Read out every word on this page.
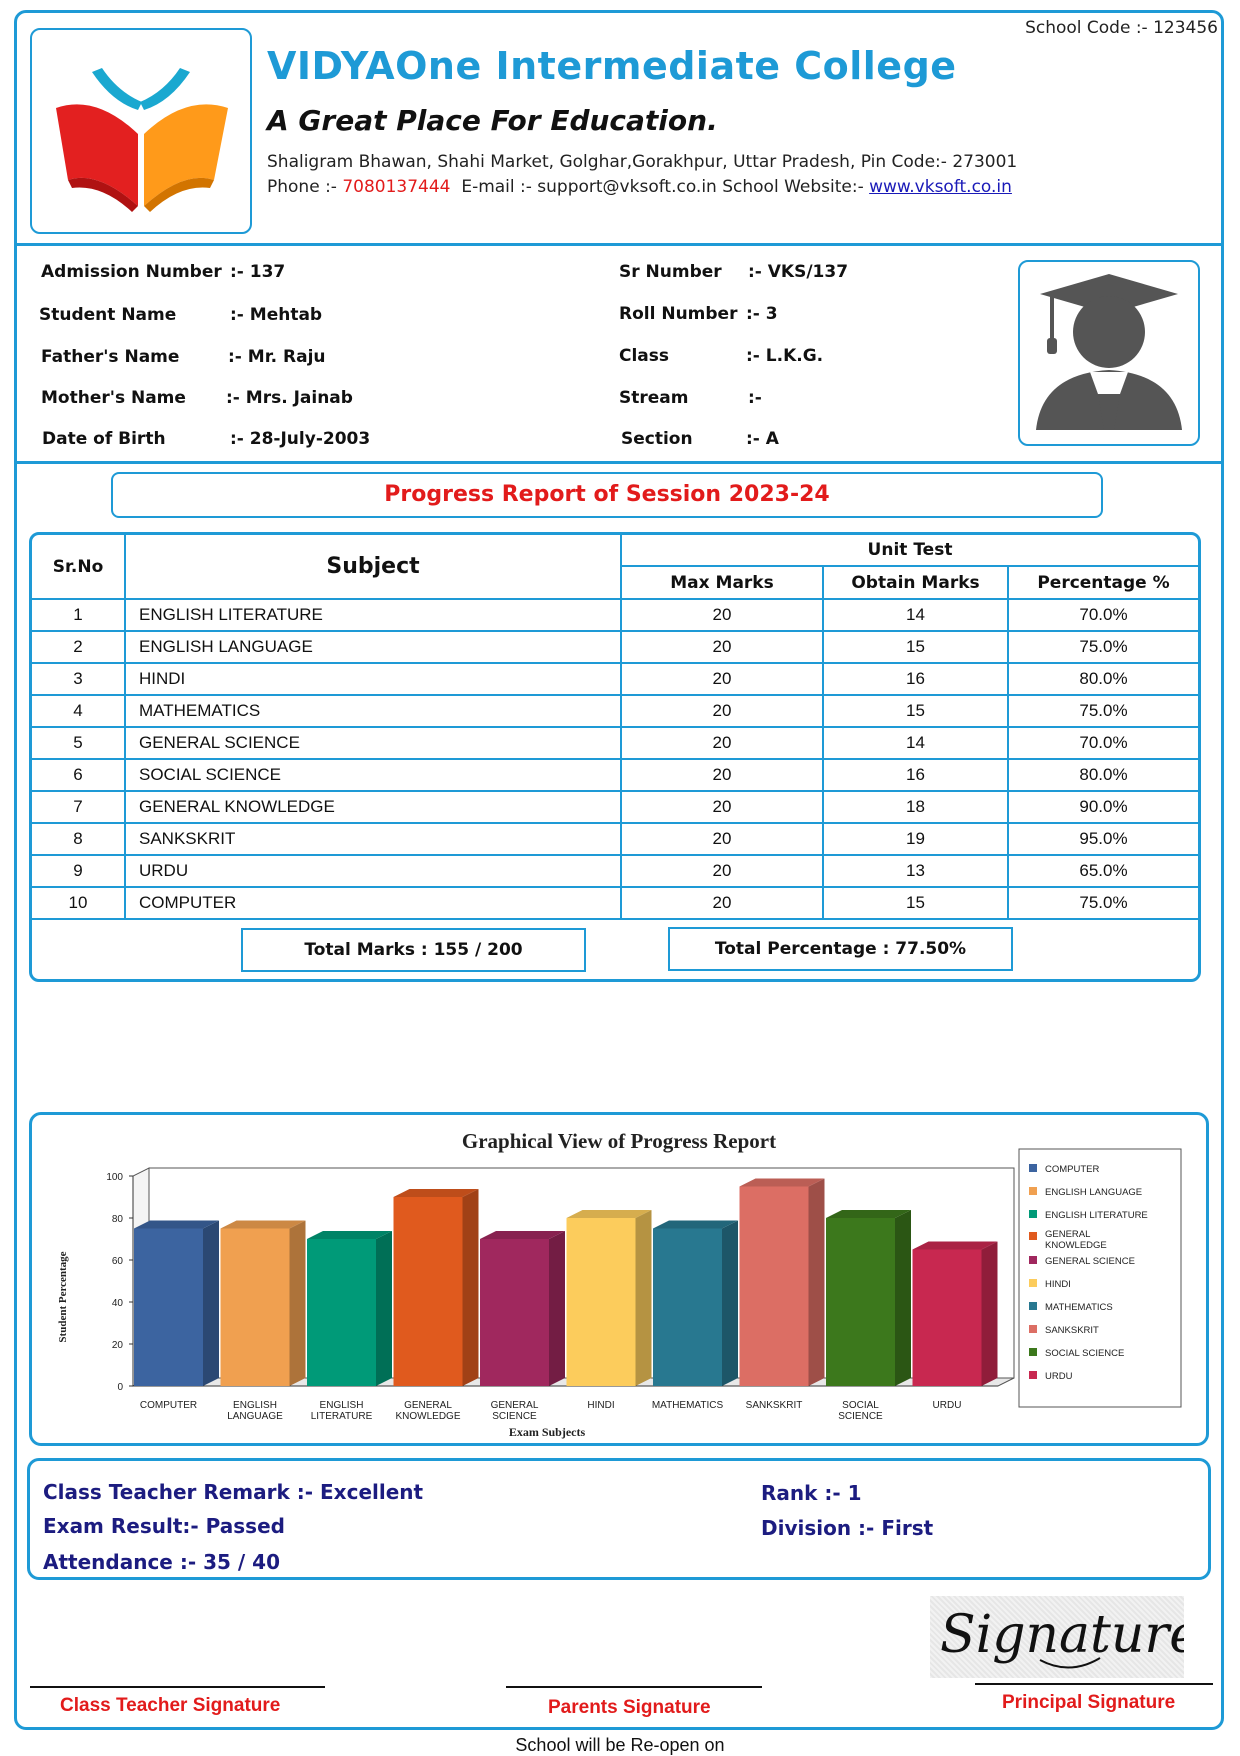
School Code :- 123456
VIDYAOne Intermediate College
A Great Place For Education.
Shaligram Bhawan, Shahi Market, Golghar,Gorakhpur, Uttar Pradesh, Pin Code:- 273001
Phone :- 7080137444  E-mail :- support@vksoft.co.in School Website:- www.vksoft.co.in
Admission Number :- 137
Student Name	:- Mehtab
Father's Name	:- Mr. Raju
Mother's Name :- Mrs. Jainab
Date of Birth	:- 28-July-2003
Sr Number :- VKS/137
Roll Number :- 3
Class	:- L.K.G.
Stream	:-
Section	:- A
Progress Report of Session 2023-24
Sr.No	Subject	Unit Test		
		Max Marks	Obtain Marks	Percentage %
1	ENGLISH LITERATURE	20	14	70.0%
2	ENGLISH LANGUAGE	20	15	75.0%
3	HINDI	20	16	80.0%
4	MATHEMATICS	20	15	75.0%
5	GENERAL SCIENCE	20	14	70.0%
6	SOCIAL SCIENCE	20	16	80.0%
7	GENERAL KNOWLEDGE	20	18	90.0%
8	SANKSKRIT	20	19	95.0%
9	URDU	20	13	65.0%
10	COMPUTER	20	15	75.0%
Total Marks : 155 / 200	Total Percentage : 77.50%
Graphical View of Progress Report
0
20
40
60
80
100
Student Percentage
Exam Subjects
COMPUTER	ENGLISH LANGUAGE
ENGLISH LITERATURE
GENERAL KNOWLEDGE
GENERAL SCIENCE
HINDI	MATHEMATICS SANKSKRIT	SOCIAL SCIENCE
URDU
COMPUTER
ENGLISH LANGUAGE
ENGLISH LITERATURE
GENERAL KNOWLEDGE
GENERAL SCIENCE
HINDI
MATHEMATICS
SANKSKRIT
SOCIAL SCIENCE
URDU
Class Teacher Remark :- Excellent
Exam Result:- Passed
Attendance :- 35 / 40
Rank :- 1
Division :- First
Signature
Class Teacher Signature	Parents Signature	Principal Signature
School will be Re-open on
